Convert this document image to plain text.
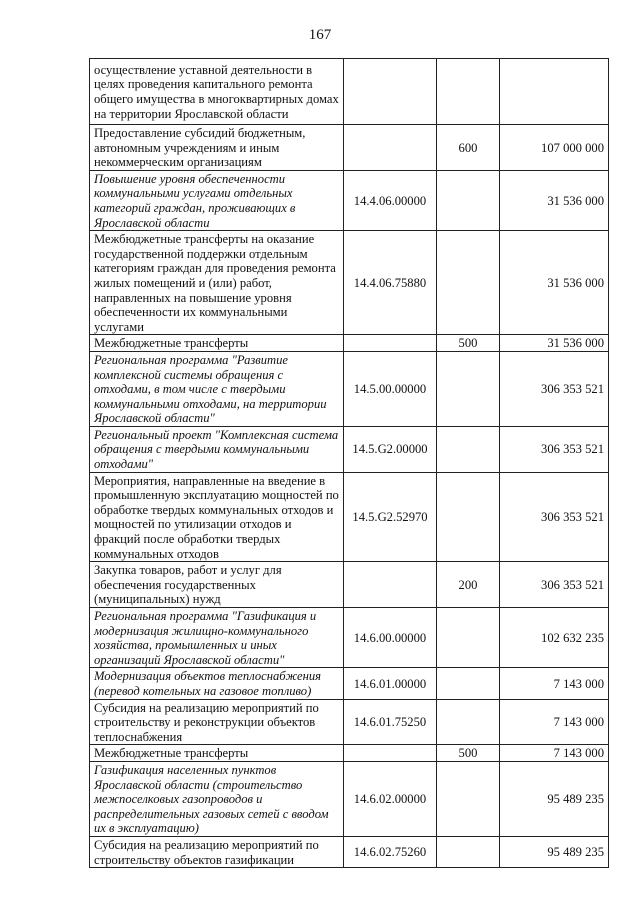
167
осуществление уставной деятельности в целях проведения капитального ремонта общего имущества в многоквартирных домах на территории Ярославской области			
Предоставление субсидий бюджетным, автономным учреждениям и иным некоммерческим организациям		600	107 000 000
Повышение уровня обеспеченности коммунальными услугами отдельных категорий граждан, проживающих в Ярославской области	14.4.06.00000		31 536 000
Межбюджетные трансферты на оказание государственной поддержки отдельным категориям граждан для проведения ремонта жилых помещений и (или) работ, направленных на повышение уровня обеспеченности их коммунальными услугами	14.4.06.75880		31 536 000
Межбюджетные трансферты		500	31 536 000
Региональная программа "Развитие комплексной системы обращения с отходами, в том числе с твердыми коммунальными отходами, на территории Ярославской области"	14.5.00.00000		306 353 521
Региональный проект "Комплексная система обращения с твердыми коммунальными отходами"	14.5.G2.00000		306 353 521
Мероприятия, направленные на введение в промышленную эксплуатацию мощностей по обработке твердых коммунальных отходов и мощностей по утилизации отходов и фракций после обработки твердых коммунальных отходов	14.5.G2.52970		306 353 521
Закупка товаров, работ и услуг для обеспечения государственных (муниципальных) нужд		200	306 353 521
Региональная программа "Газификация и модернизация жилищно-коммунального хозяйства, промышленных и иных организаций Ярославской области"	14.6.00.00000		102 632 235
Модернизация объектов теплоснабжения (перевод котельных на газовое топливо)	14.6.01.00000		7 143 000
Субсидия на реализацию мероприятий по строительству и реконструкции объектов теплоснабжения	14.6.01.75250		7 143 000
Межбюджетные трансферты		500	7 143 000
Газификация населенных пунктов Ярославской области (строительство межпоселковых газопроводов и распределительных газовых сетей с вводом их в эксплуатацию)	14.6.02.00000		95 489 235
Субсидия на реализацию мероприятий по строительству объектов газификации	14.6.02.75260		95 489 235
